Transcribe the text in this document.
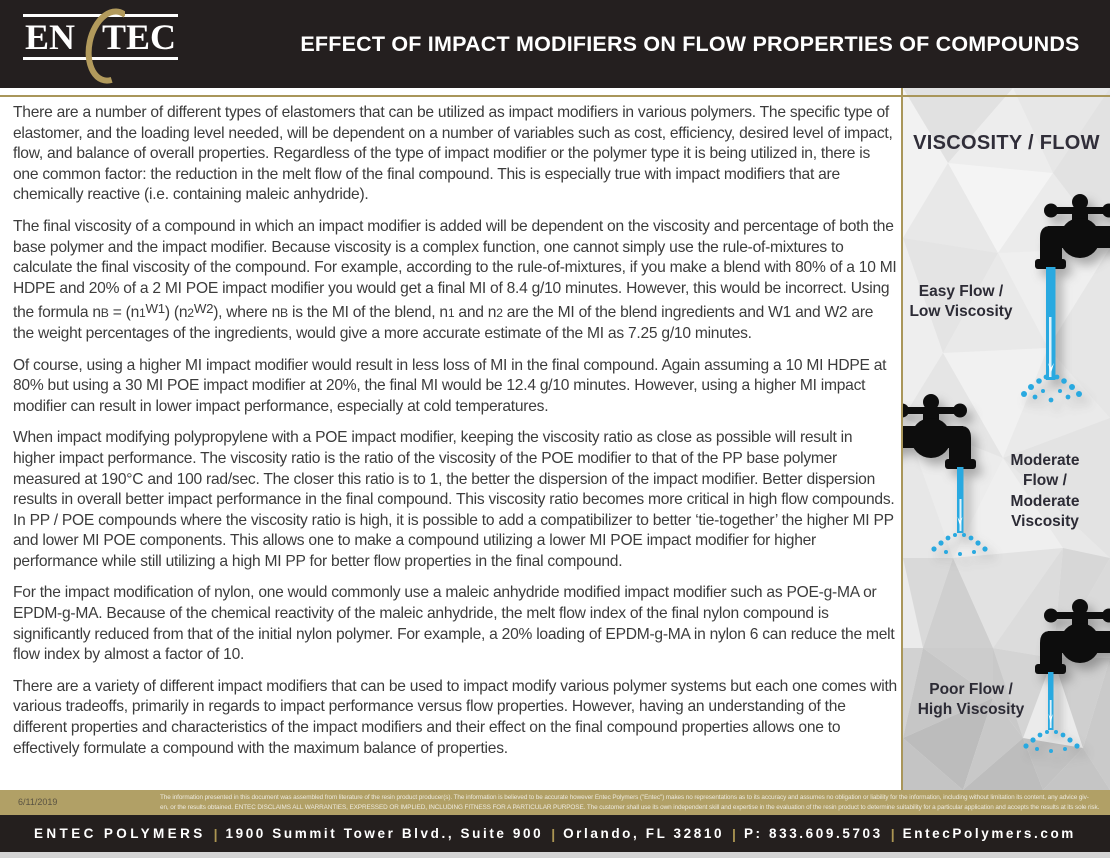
EN TEC	EFFECT OF IMPACT MODIFIERS ON FLOW PROPERTIES OF COMPOUNDS

There are a number of different types of elastomers that can be utilized as impact modifiers in various polymers. The specific type of elastomer, and the loading level needed, will be dependent on a number of variables such as cost, efficiency, desired level of impact, flow, and balance of overall properties. Regardless of the type of impact modifier or the polymer type it is being utilized in, there is one common factor: the reduction in the melt flow of the final compound. This is especially true with impact modifiers that are chemically reactive (i.e. containing maleic anhydride).

The final viscosity of a compound in which an impact modifier is added will be dependent on the viscosity and percentage of both the base polymer and the impact modifier. Because viscosity is a complex function, one cannot simply use the rule-of-mixtures to calculate the final viscosity of the compound. For example, according to the rule-of-mixtures, if you make a blend with 80% of a 10 MI HDPE and 20% of a 2 MI POE impact modifier you would get a final MI of 8.4 g/10 minutes. However, this would be incorrect. Using the formula nB = $(n1^{W1})$ $(n2^{W2})$, where nB is the MI of the blend, n1 and n2 are the MI of the blend ingredients and W1 and W2 are the weight percentages of the ingredients, would give a more accurate estimate of the MI as 7.25 g/10 minutes.

Of course, using a higher MI impact modifier would result in less loss of MI in the final compound. Again assuming a 10 MI HDPE at 80% but using a 30 MI POE impact modifier at 20%, the final MI would be 12.4 g/10 minutes. However, using a higher MI impact modifier can result in lower impact performance, especially at cold temperatures.

When impact modifying polypropylene with a POE impact modifier, keeping the viscosity ratio as close as possible will result in higher impact performance. The viscosity ratio is the ratio of the viscosity of the POE modifier to that of the PP base polymer measured at 190°C and 100 rad/sec. The closer this ratio is to 1, the better the dispersion of the impact modifier. Better dispersion results in overall better impact performance in the final compound. This viscosity ratio becomes more critical in high flow compounds. In PP / POE compounds where the viscosity ratio is high, it is possible to add a compatibilizer to better ‘tie-together’ the higher MI PP and lower MI POE components. This allows one to make a compound utilizing a lower MI POE impact modifier for higher performance while still utilizing a high MI PP for better flow properties in the final compound.

For the impact modification of nylon, one would commonly use a maleic anhydride modified impact modifier such as POE-g-MA or EPDM-g-MA. Because of the chemical reactivity of the maleic anhydride, the melt flow index of the final nylon compound is significantly reduced from that of the initial nylon polymer. For example, a 20% loading of EPDM-g-MA in nylon 6 can reduce the melt flow index by almost a factor of 10.

There are a variety of different impact modifiers that can be used to impact modify various polymer systems but each one comes with various tradeoffs, primarily in regards to impact performance versus flow properties. However, having an understanding of the different properties and characteristics of the impact modifiers and their effect on the final compound properties allows one to effectively formulate a compound with the maximum balance of properties.

VISCOSITY / FLOW
Easy Flow / Low Viscosity
Moderate Flow / Moderate Viscosity
Poor Flow / High Viscosity
6/11/2019	The information presented in this document was assembled from literature of the resin product producer(s). The information is believed to be accurate however Entec Polymers ("Entec") makes no representations as to its accuracy and assumes no obligation or liability for the information, including without limitation its content, any advice giv-
en, or the results obtained. ENTEC DISCLAIMS ALL WARRANTIES, EXPRESSED OR IMPLIED, INCLUDING FITNESS FOR A PARTICULAR PURPOSE. The customer shall use its own independent skill and expertise in the evaluation of the resin product to determine suitability for a particular application and accepts the results at its sole risk.
ENTEC POLYMERS | 1900 Summit Tower Blvd., Suite 900 | Orlando, FL 32810 | P: 833.609.5703 | EntecPolymers.com
